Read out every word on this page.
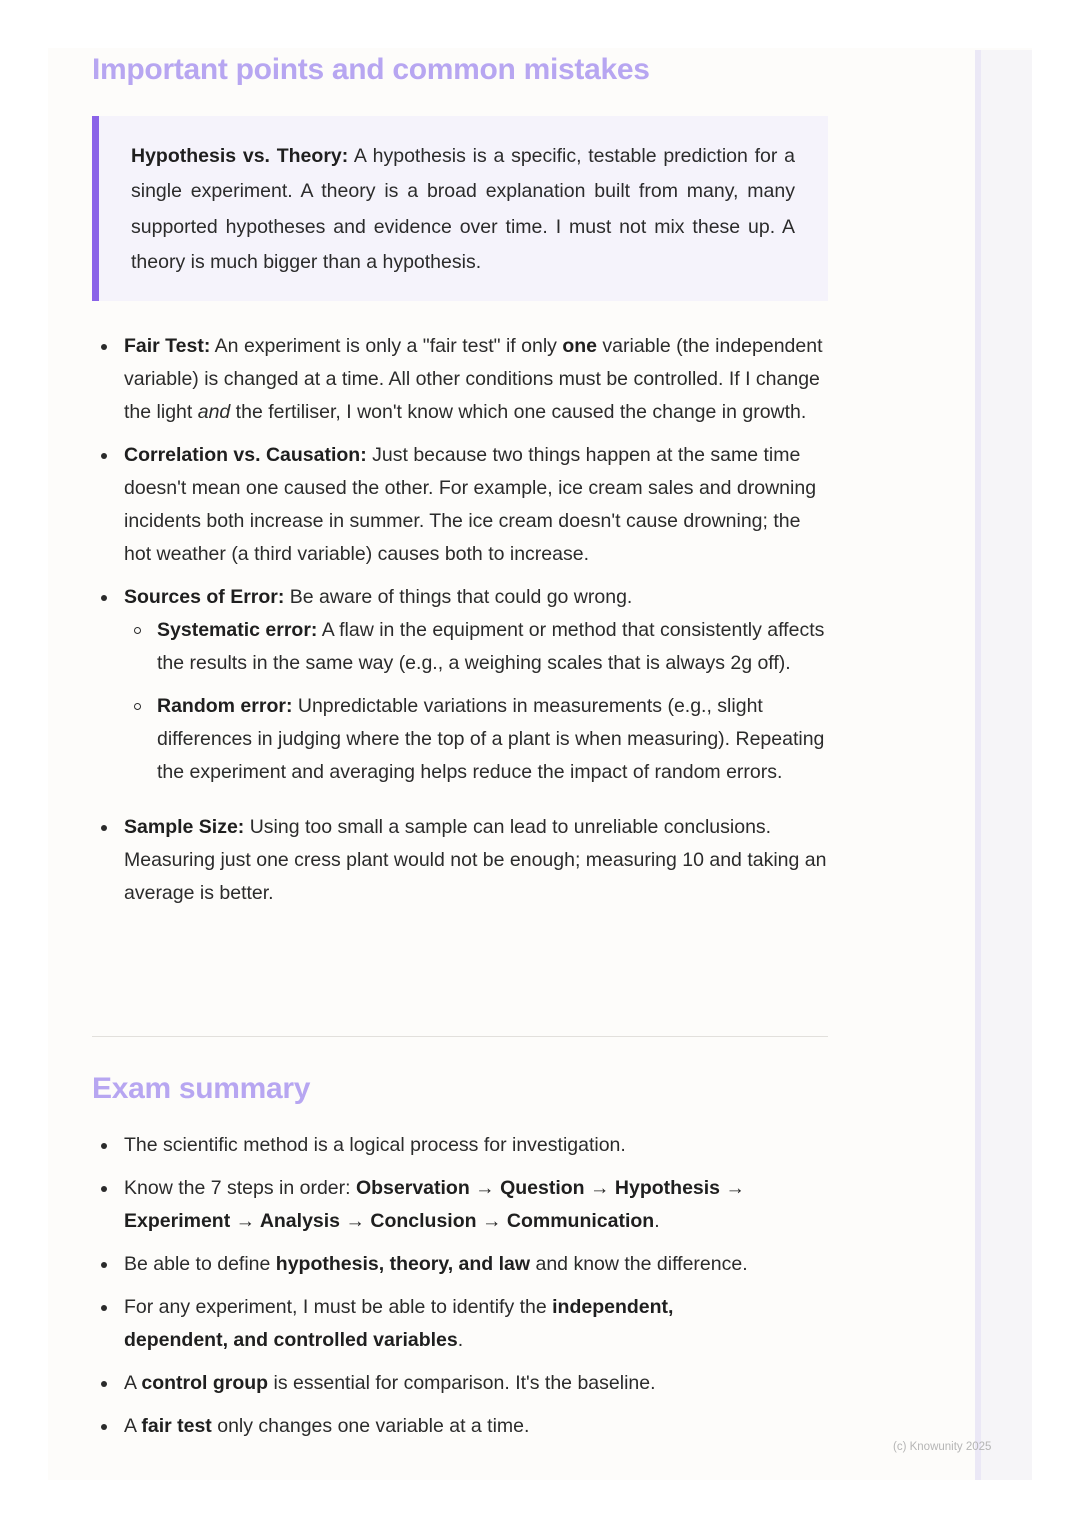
Important points and common mistakes

Hypothesis vs. Theory: A hypothesis is a specific, testable prediction for a single experiment. A theory is a broad explanation built from many, many supported hypotheses and evidence over time. I must not mix these up. A theory is much bigger than a hypothesis.

Fair Test: An experiment is only a "fair test" if only one variable (the independent variable) is changed at a time. All other conditions must be controlled. If I change the light and the fertiliser, I won't know which one caused the change in growth.
Correlation vs. Causation: Just because two things happen at the same time doesn't mean one caused the other. For example, ice cream sales and drowning incidents both increase in summer. The ice cream doesn't cause drowning; the hot weather (a third variable) causes both to increase.
Sources of Error: Be aware of things that could go wrong.
Systematic error: A flaw in the equipment or method that consistently affects the results in the same way (e.g., a weighing scales that is always 2g off).
Random error: Unpredictable variations in measurements (e.g., slight differences in judging where the top of a plant is when measuring). Repeating the experiment and averaging helps reduce the impact of random errors.
Sample Size: Using too small a sample can lead to unreliable conclusions. Measuring just one cress plant would not be enough; measuring 10 and taking an average is better.
Exam summary
The scientific method is a logical process for investigation.
Know the 7 steps in order: Observation → Question → Hypothesis → Experiment → Analysis → Conclusion → Communication.
Be able to define hypothesis, theory, and law and know the difference.
For any experiment, I must be able to identify the independent, dependent, and controlled variables.
A control group is essential for comparison. It's the baseline.
A fair test only changes one variable at a time.
(c) Knowunity 2025
